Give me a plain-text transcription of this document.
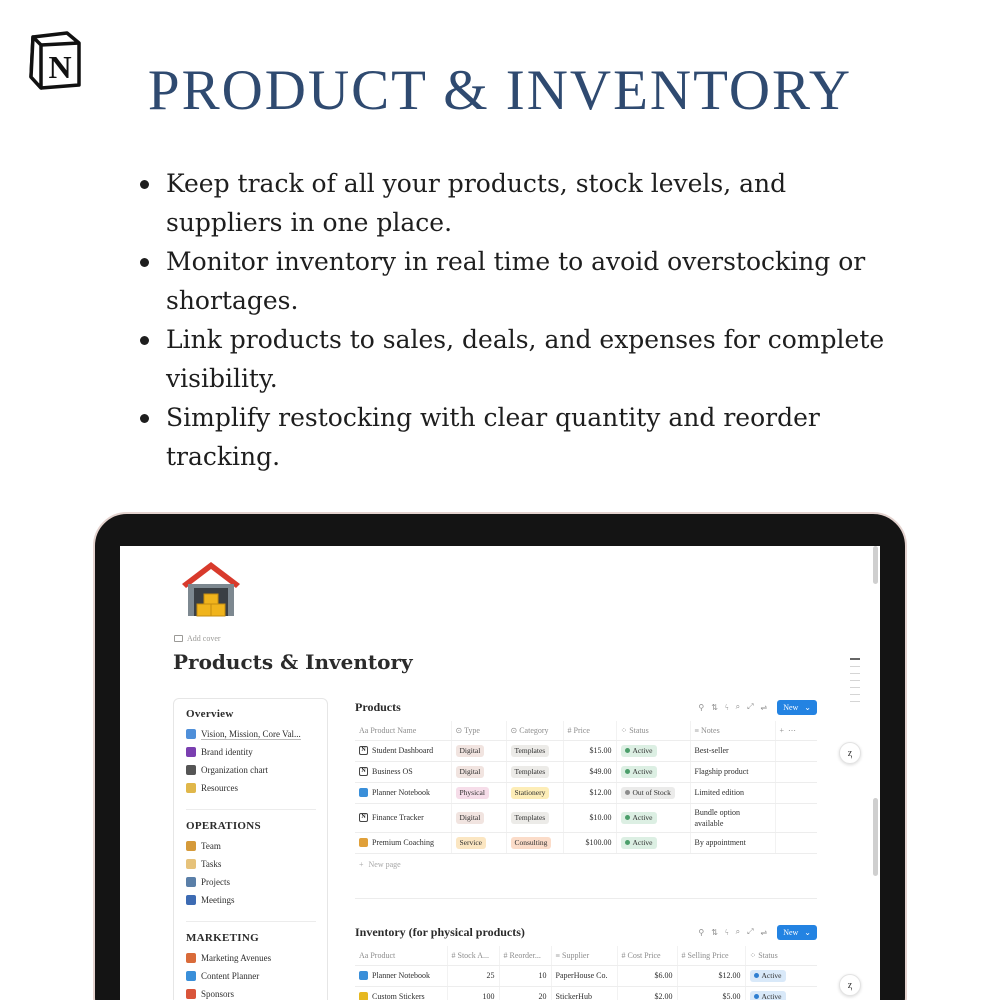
N	PRODUCT & INVENTORY
Keep track of all your products, stock levels, and suppliers in one place.
Monitor inventory in real time to avoid overstocking or shortages.
Link products to sales, deals, and expenses for complete visibility.
Simplify restocking with clear quantity and reorder tracking.
ⱬ
ⱬ
Add cover
Products & Inventory
Overview
Vision, Mission, Core Val...
Brand identity
Organization chart
Resources
OPERATIONS
Team
Tasks
Projects
Meetings
MARKETING
Marketing Avenues
Content Planner
Sponsors
Products	⚲ ⇅ ϟ ⌕ ⤢ ⇌ New ⌄
Aa Product Name	⊙ Type	⊙ Category	# Price	⁘ Status	≡ Notes	+  ⋯
N Student Dashboard	Digital	Templates	$15.00	Active	Best-seller	
N Business OS	Digital	Templates	$49.00	Active	Flagship product	
Planner Notebook	Physical	Stationery	$12.00	Out of Stock	Limited edition	
N Finance Tracker	Digital	Templates	$10.00	Active	Bundle option available	
Premium Coaching	Service	Consulting	$100.00	Active	By appointment	
+ New page
Inventory (for physical products)	⚲ ⇅ ϟ ⌕ ⤢ ⇌ New ⌄
Aa Product	# Stock A...	# Reorder...	≡ Supplier	# Cost Price	# Selling Price	⁘ Status
Planner Notebook	25	10	PaperHouse Co.	$6.00	$12.00	Active
Custom Stickers	100	20	StickerHub	$2.00	$5.00	Active
